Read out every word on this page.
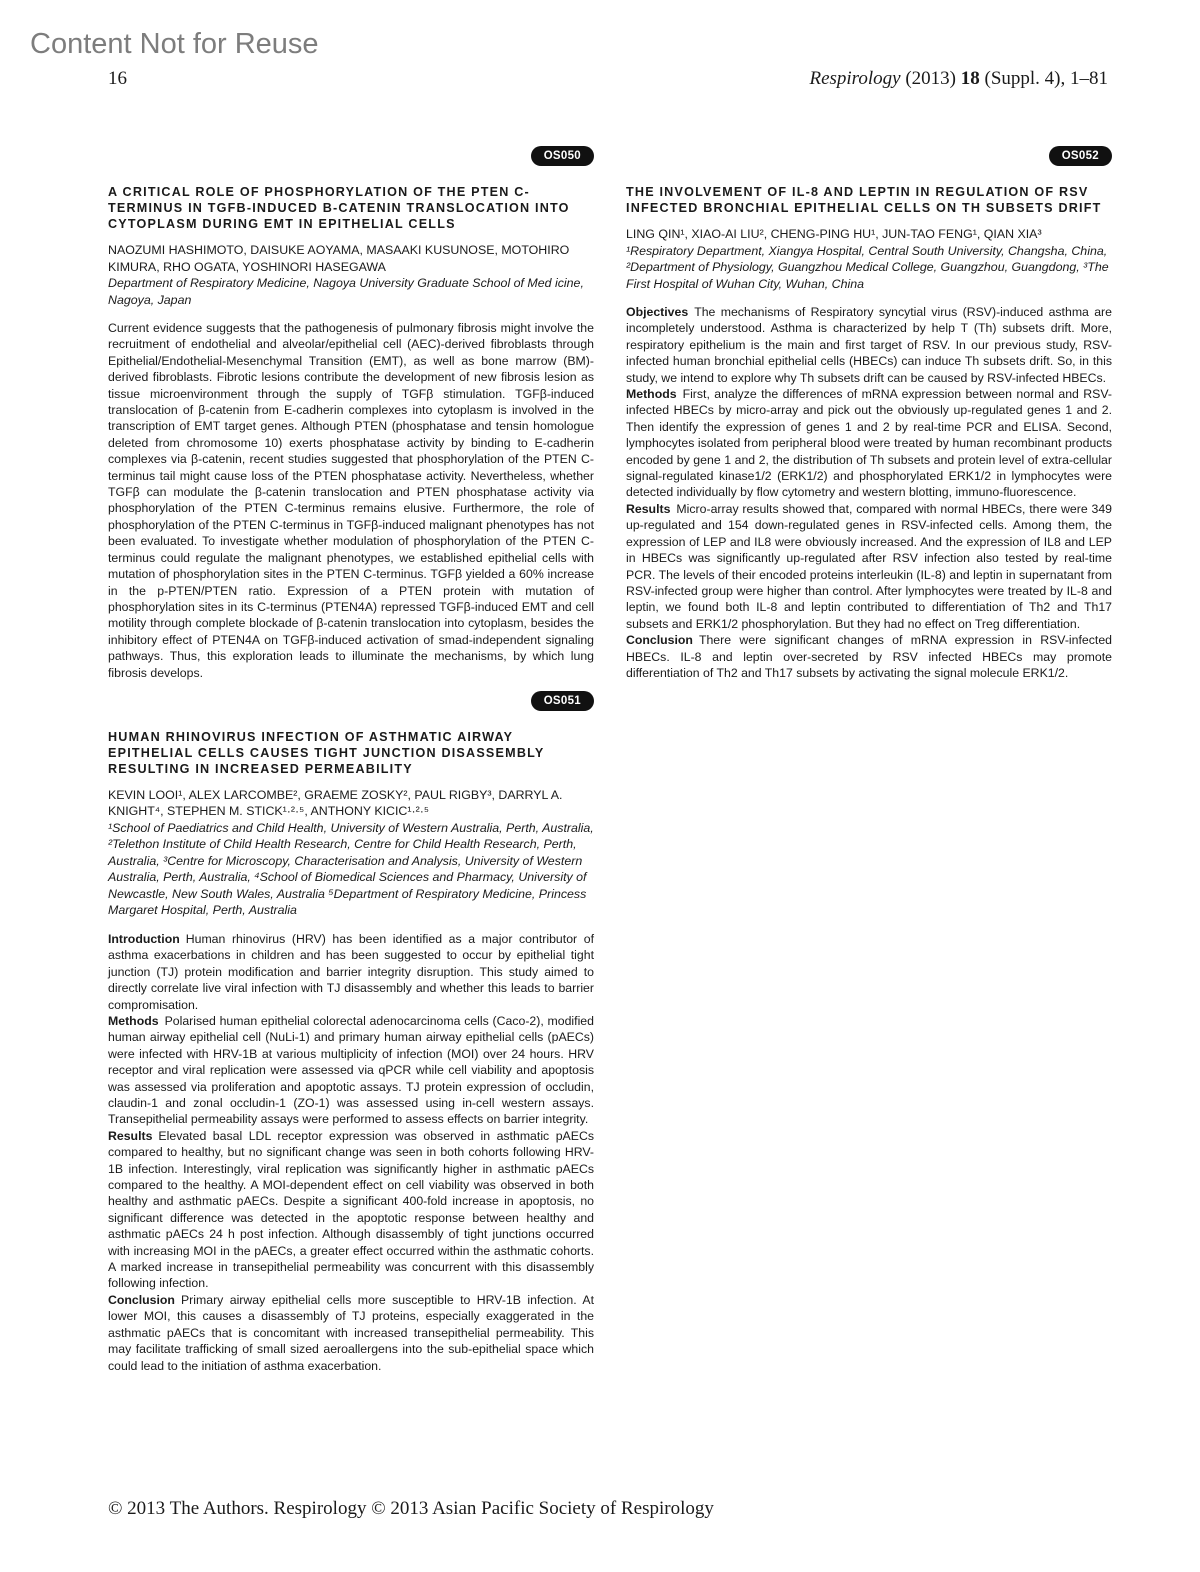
Content Not for Reuse
16	Respirology (2013) 18 (Suppl. 4), 1–81
OS050
A CRITICAL ROLE OF PHOSPHORYLATION OF THE PTEN C-TERMINUS IN TGFB-INDUCED B-CATENIN TRANSLOCATION INTO CYTOPLASM DURING EMT IN EPITHELIAL CELLS

NAOZUMI HASHIMOTO, DAISUKE AOYAMA, MASAAKI KUSUNOSE, MOTOHIRO KIMURA, RHO OGATA, YOSHINORI HASEGAWA

Department of Respiratory Medicine, Nagoya University Graduate School of Med icine, Nagoya, Japan

Current evidence suggests that the pathogenesis of pulmonary fibrosis might involve the recruitment of endothelial and alveolar/epithelial cell (AEC)-derived fibroblasts through Epithelial/Endothelial-Mesenchymal Transition (EMT), as well as bone marrow (BM)-derived fibroblasts. Fibrotic lesions contribute the development of new fibrosis lesion as tissue microenvironment through the supply of TGFβ stimulation. TGFβ-induced translocation of β-catenin from E-cadherin complexes into cytoplasm is involved in the transcription of EMT target genes. Although PTEN (phosphatase and tensin homologue deleted from chromosome 10) exerts phosphatase activity by binding to E-cadherin complexes via β-catenin, recent studies suggested that phosphorylation of the PTEN C-terminus tail might cause loss of the PTEN phosphatase activity. Nevertheless, whether TGFβ can modulate the β-catenin translocation and PTEN phosphatase activity via phosphorylation of the PTEN C-terminus remains elusive. Furthermore, the role of phosphorylation of the PTEN C-terminus in TGFβ-induced malignant phenotypes has not been evaluated. To investigate whether modulation of phosphorylation of the PTEN C-terminus could regulate the malignant phenotypes, we established epithelial cells with mutation of phosphorylation sites in the PTEN C-terminus. TGFβ yielded a 60% increase in the p-PTEN/PTEN ratio. Expression of a PTEN protein with mutation of phosphorylation sites in its C-terminus (PTEN4A) repressed TGFβ-induced EMT and cell motility through complete blockade of β-catenin translocation into cytoplasm, besides the inhibitory effect of PTEN4A on TGFβ-induced activation of smad-independent signaling pathways. Thus, this exploration leads to illuminate the mechanisms, by which lung fibrosis develops.

OS051
HUMAN RHINOVIRUS INFECTION OF ASTHMATIC AIRWAY EPITHELIAL CELLS CAUSES TIGHT JUNCTION DISASSEMBLY RESULTING IN INCREASED PERMEABILITY

KEVIN LOOI¹, ALEX LARCOMBE², GRAEME ZOSKY², PAUL RIGBY³, DARRYL A. KNIGHT⁴, STEPHEN M. STICK¹·²·⁵, ANTHONY KICIC¹·²·⁵

¹School of Paediatrics and Child Health, University of Western Australia, Perth, Australia, ²Telethon Institute of Child Health Research, Centre for Child Health Research, Perth, Australia, ³Centre for Microscopy, Characterisation and Analysis, University of Western Australia, Perth, Australia, ⁴School of Biomedical Sciences and Pharmacy, University of Newcastle, New South Wales, Australia ⁵Department of Respiratory Medicine, Princess Margaret Hospital, Perth, Australia

Introduction Human rhinovirus (HRV) has been identified as a major contributor of asthma exacerbations in children and has been suggested to occur by epithelial tight junction (TJ) protein modification and barrier integrity disruption. This study aimed to directly correlate live viral infection with TJ disassembly and whether this leads to barrier compromisation.

Methods Polarised human epithelial colorectal adenocarcinoma cells (Caco-2), modified human airway epithelial cell (NuLi-1) and primary human airway epithelial cells (pAECs) were infected with HRV-1B at various multiplicity of infection (MOI) over 24 hours. HRV receptor and viral replication were assessed via qPCR while cell viability and apoptosis was assessed via proliferation and apoptotic assays. TJ protein expression of occludin, claudin-1 and zonal occludin-1 (ZO-1) was assessed using in-cell western assays. Transepithelial permeability assays were performed to assess effects on barrier integrity.

Results Elevated basal LDL receptor expression was observed in asthmatic pAECs compared to healthy, but no significant change was seen in both cohorts following HRV-1B infection. Interestingly, viral replication was significantly higher in asthmatic pAECs compared to the healthy. A MOI-dependent effect on cell viability was observed in both healthy and asthmatic pAECs. Despite a significant 400-fold increase in apoptosis, no significant difference was detected in the apoptotic response between healthy and asthmatic pAECs 24 h post infection. Although disassembly of tight junctions occurred with increasing MOI in the pAECs, a greater effect occurred within the asthmatic cohorts. A marked increase in transepithelial permeability was concurrent with this disassembly following infection.

Conclusion Primary airway epithelial cells more susceptible to HRV-1B infection. At lower MOI, this causes a disassembly of TJ proteins, especially exaggerated in the asthmatic pAECs that is concomitant with increased transepithelial permeability. This may facilitate trafficking of small sized aeroallergens into the sub-epithelial space which could lead to the initiation of asthma exacerbation.

OS052
THE INVOLVEMENT OF IL-8 AND LEPTIN IN REGULATION OF RSV INFECTED BRONCHIAL EPITHELIAL CELLS ON TH SUBSETS DRIFT

LING QIN¹, XIAO-AI LIU², CHENG-PING HU¹, JUN-TAO FENG¹, QIAN XIA³

¹Respiratory Department, Xiangya Hospital, Central South University, Changsha, China, ²Department of Physiology, Guangzhou Medical College, Guangzhou, Guangdong, ³The First Hospital of Wuhan City, Wuhan, China

Objectives The mechanisms of Respiratory syncytial virus (RSV)-induced asthma are incompletely understood. Asthma is characterized by help T (Th) subsets drift. More, respiratory epithelium is the main and first target of RSV. In our previous study, RSV-infected human bronchial epithelial cells (HBECs) can induce Th subsets drift. So, in this study, we intend to explore why Th subsets drift can be caused by RSV-infected HBECs.

Methods First, analyze the differences of mRNA expression between normal and RSV-infected HBECs by micro-array and pick out the obviously up-regulated genes 1 and 2. Then identify the expression of genes 1 and 2 by real-time PCR and ELISA. Second, lymphocytes isolated from peripheral blood were treated by human recombinant products encoded by gene 1 and 2, the distribution of Th subsets and protein level of extra-cellular signal-regulated kinase1/2 (ERK1/2) and phosphorylated ERK1/2 in lymphocytes were detected individually by flow cytometry and western blotting, immuno-fluorescence.

Results Micro-array results showed that, compared with normal HBECs, there were 349 up-regulated and 154 down-regulated genes in RSV-infected cells. Among them, the expression of LEP and IL8 were obviously increased. And the expression of IL8 and LEP in HBECs was significantly up-regulated after RSV infection also tested by real-time PCR. The levels of their encoded proteins interleukin (IL-8) and leptin in supernatant from RSV-infected group were higher than control. After lymphocytes were treated by IL-8 and leptin, we found both IL-8 and leptin contributed to differentiation of Th2 and Th17 subsets and ERK1/2 phosphorylation. But they had no effect on Treg differentiation.

Conclusion There were significant changes of mRNA expression in RSV-infected HBECs. IL-8 and leptin over-secreted by RSV infected HBECs may promote differentiation of Th2 and Th17 subsets by activating the signal molecule ERK1/2.

© 2013 The Authors. Respirology © 2013 Asian Pacific Society of Respirology
